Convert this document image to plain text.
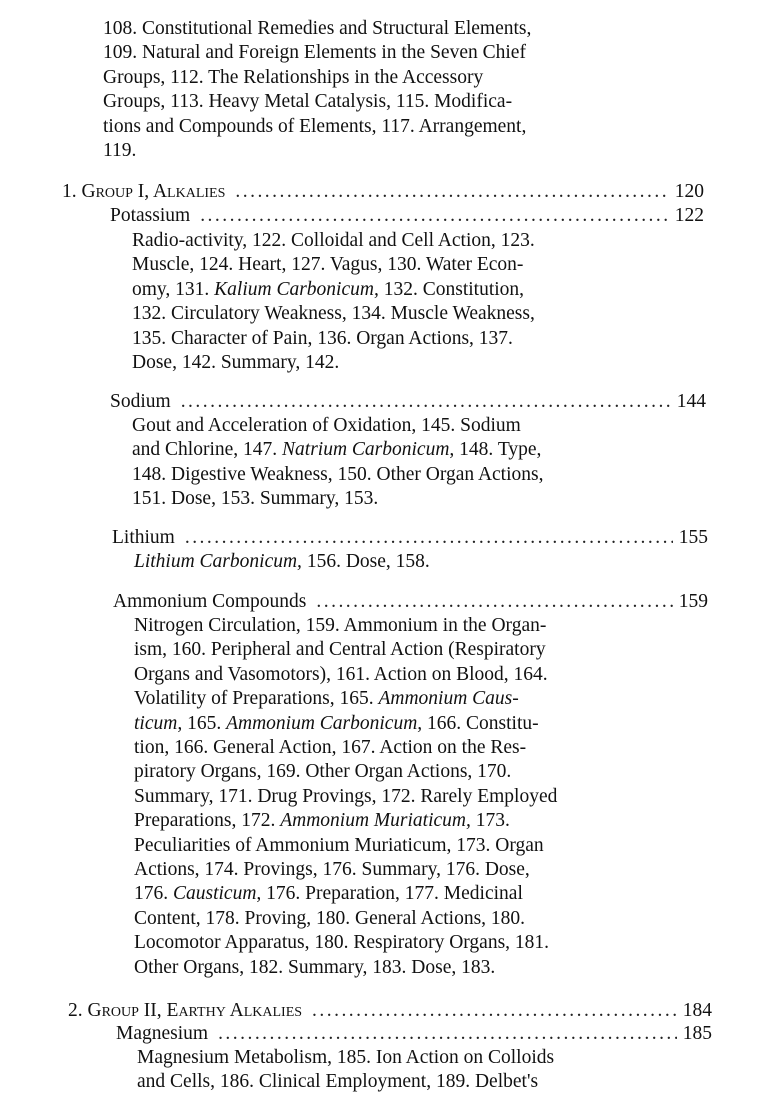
108. Constitutional Remedies and Structural Elements,
109. Natural and Foreign Elements in the Seven Chief
Groups, 112. The Relationships in the Accessory
Groups, 113. Heavy Metal Catalysis, 115. Modifica-
tions and Compounds of Elements, 117. Arrangement,
119.
1. Group I, Alkalies . . .	120
Potassium . . .	122
Radio-activity, 122. Colloidal and Cell Action, 123.
Muscle, 124. Heart, 127. Vagus, 130. Water Econ-
omy, 131. Kalium Carbonicum, 132. Constitution,
132. Circulatory Weakness, 134. Muscle Weakness,
135. Character of Pain, 136. Organ Actions, 137.
Dose, 142. Summary, 142.
Sodium . . .	144
Gout and Acceleration of Oxidation, 145. Sodium
and Chlorine, 147. Natrium Carbonicum, 148. Type,
148. Digestive Weakness, 150. Other Organ Actions,
151. Dose, 153. Summary, 153.
Lithium . . .	155
Lithium Carbonicum, 156. Dose, 158.
Ammonium Compounds . . .	159
Nitrogen Circulation, 159. Ammonium in the Organ-
ism, 160. Peripheral and Central Action (Respiratory
Organs and Vasomotors), 161. Action on Blood, 164.
Volatility of Preparations, 165. Ammonium Caus-
ticum, 165. Ammonium Carbonicum, 166. Constitu-
tion, 166. General Action, 167. Action on the Res-
piratory Organs, 169. Other Organ Actions, 170.
Summary, 171. Drug Provings, 172. Rarely Employed
Preparations, 172. Ammonium Muriaticum, 173.
Peculiarities of Ammonium Muriaticum, 173. Organ
Actions, 174. Provings, 176. Summary, 176. Dose,
176. Causticum, 176. Preparation, 177. Medicinal
Content, 178. Proving, 180. General Actions, 180.
Locomotor Apparatus, 180. Respiratory Organs, 181.
Other Organs, 182. Summary, 183. Dose, 183.
2. Group II, Earthy Alkalies . . .	184
Magnesium . . .	185
Magnesium Metabolism, 185. Ion Action on Colloids
and Cells, 186. Clinical Employment, 189. Delbet's
